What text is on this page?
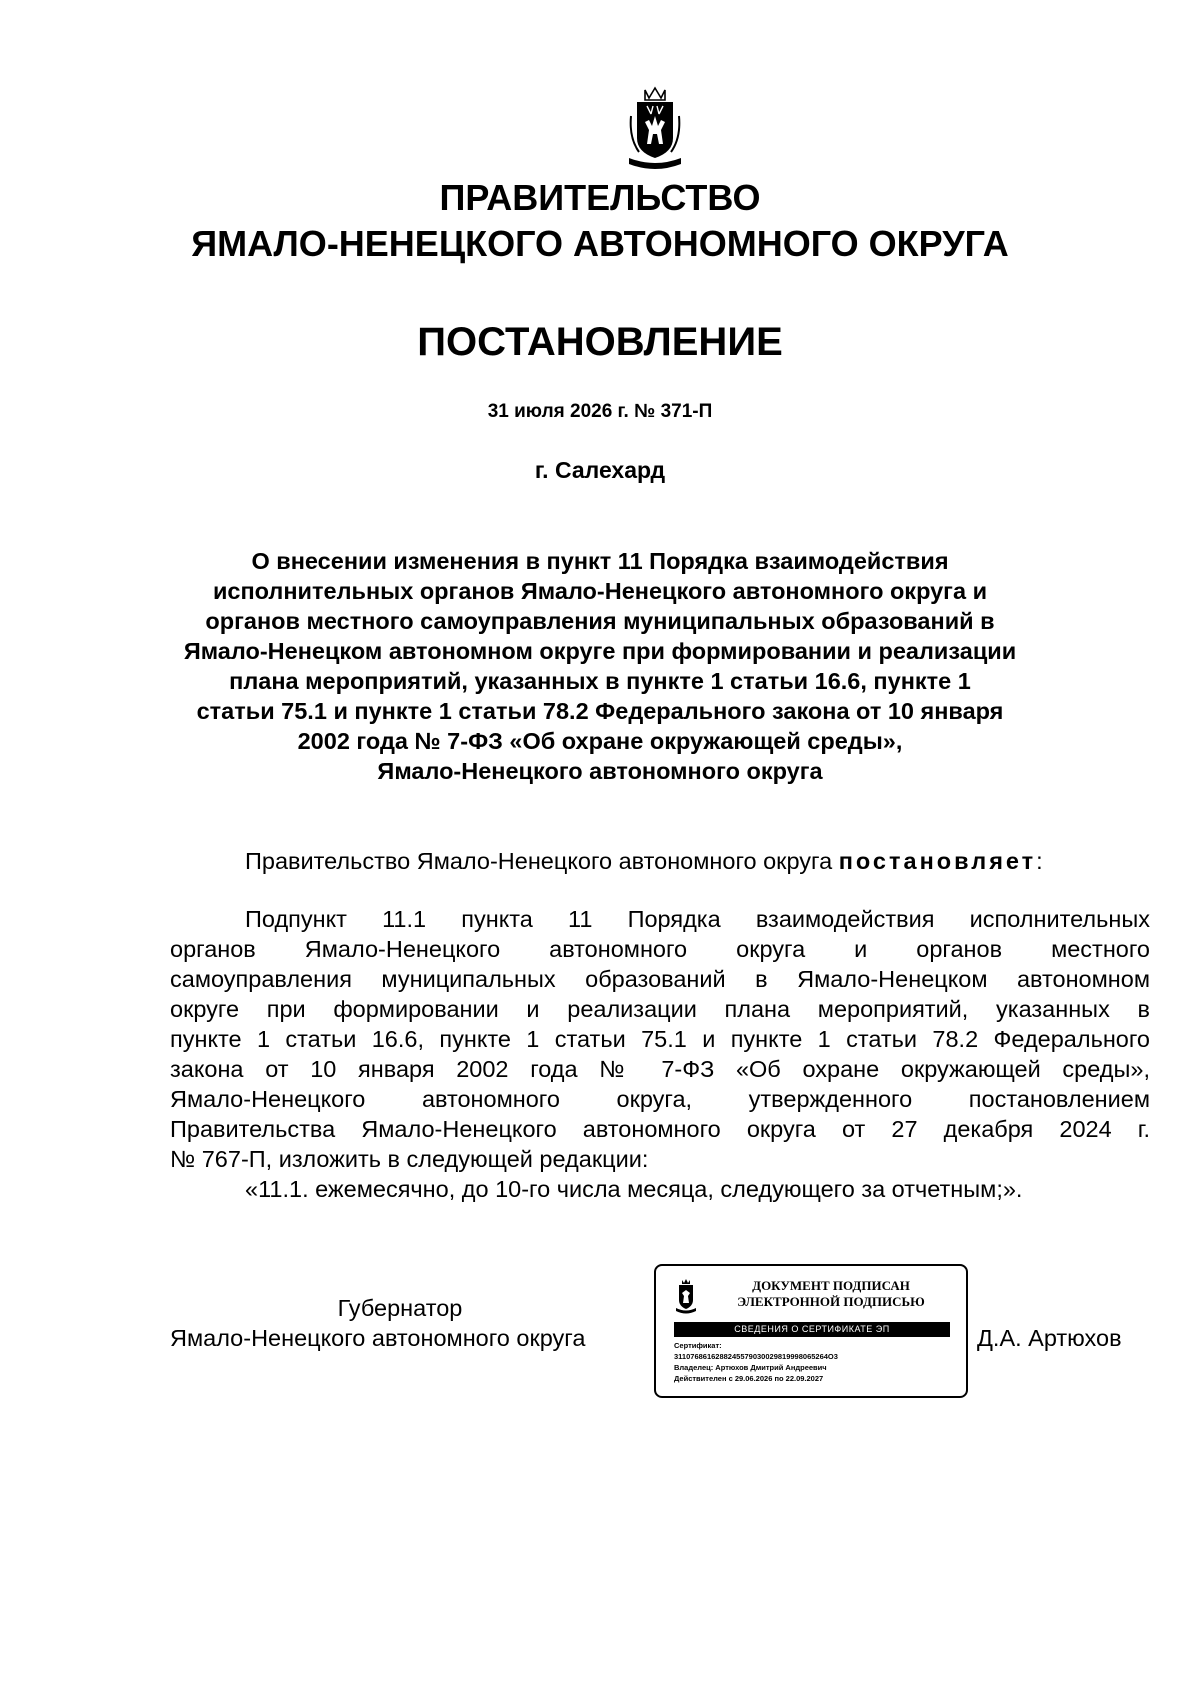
ПРАВИТЕЛЬСТВО
ЯМАЛО-НЕНЕЦКОГО АВТОНОМНОГО ОКРУГА
ПОСТАНОВЛЕНИЕ
31 июля 2026 г. № 371-П
г. Салехард
О внесении изменения в пункт 11 Порядка взаимодействия
исполнительных органов Ямало-Ненецкого автономного округа и
органов местного самоуправления муниципальных образований в
Ямало-Ненецком автономном округе при формировании и реализации
плана мероприятий, указанных в пункте 1 статьи 16.6, пункте 1
статьи 75.1 и пункте 1 статьи 78.2 Федерального закона от 10 января
2002 года № 7-ФЗ «Об охране окружающей среды»,
Ямало-Ненецкого автономного округа
Правительство Ямало-Ненецкого автономного округа постановляет:
Подпункт 11.1 пункта 11 Порядка взаимодействия исполнительных
органов Ямало-Ненецкого автономного округа и органов местного
самоуправления муниципальных образований в Ямало-Ненецком автономном
округе при формировании и реализации плана мероприятий, указанных в
пункте 1 статьи 16.6, пункте 1 статьи 75.1 и пункте 1 статьи 78.2 Федерального
закона от 10 января 2002 года № 7-ФЗ «Об охране окружающей среды»,
Ямало-Ненецкого автономного округа, утвержденного постановлением
Правительства Ямало-Ненецкого автономного округа от 27 декабря 2024 г.
№ 767-П, изложить в следующей редакции:
«11.1. ежемесячно, до 10-го числа месяца, следующего за отчетным;».
Губернатор
Ямало-Ненецкого автономного округа	Д.А. Артюхов
ДОКУМЕНТ ПОДПИСАН
ЭЛЕКТРОННОЙ ПОДПИСЬЮ
СВЕДЕНИЯ О СЕРТИФИКАТЕ ЭП
Сертификат:
3110768616288245579030029819998065264O3
Владелец: Артюхов Дмитрий Андреевич
Действителен с 29.06.2026 по 22.09.2027
